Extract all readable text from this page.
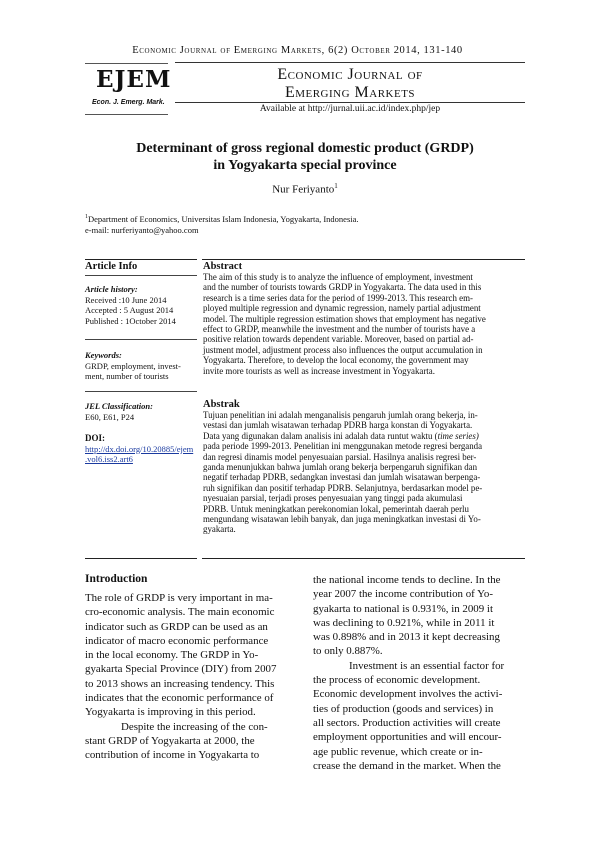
Economic Journal of Emerging Markets, 6(2) October 2014, 131-140
EJEM
Econ. J. Emerg. Mark.
Economic Journal of
Emerging Markets
Available at http://jurnal.uii.ac.id/index.php/jep
Determinant of gross regional domestic product (GRDP)
in Yogyakarta special province
Nur Feriyanto$^1$
$^1$Department of Economics, Universitas Islam Indonesia, Yogyakarta, Indonesia.
e-mail: nurferiyanto@yahoo.com
Article Info
Article history:
Received :10 June 2014
Accepted : 5 August 2014
Published : 1October 2014
Keywords:
GRDP, employment, invest-
ment, number of tourists
JEL Classification:
E60, E61, P24
DOI:
http://dx.doi.org/10.20885/ejem
.vol6.iss2.art6
Abstract
The aim of this study is to analyze the influence of employment, investment
and the number of tourists towards GRDP in Yogyakarta. The data used in this
research is a time series data for the period of 1999-2013. This research em-
ployed multiple regression and dynamic regression, namely partial adjustment
model. The multiple regression estimation shows that employment has negative
effect to GRDP, meanwhile the investment and the number of tourists have a
positive relation towards dependent variable. Moreover, based on partial ad-
justment model, adjustment process also influences the output accumulation in
Yogyakarta. Therefore, to develop the local economy, the government may
invite more tourists as well as increase investment in Yogyakarta.
Abstrak
Tujuan penelitian ini adalah menganalisis pengaruh jumlah orang bekerja, in-
vestasi dan jumlah wisatawan terhadap PDRB harga konstan di Yogyakarta.
Data yang digunakan dalam analisis ini adalah data runtut waktu (time series)
pada periode 1999-2013. Penelitian ini menggunakan metode regresi berganda
dan regresi dinamis model penyesuaian parsial. Hasilnya analisis regresi ber-
ganda menunjukkan bahwa jumlah orang bekerja berpengaruh signifikan dan
negatif terhadap PDRB, sedangkan investasi dan jumlah wisatawan berpenga-
ruh signifikan dan positif terhadap PDRB. Selanjutnya, berdasarkan model pe-
nyesuaian parsial, terjadi proses penyesuaian yang tinggi pada akumulasi
PDRB. Untuk meningkatkan perekonomian lokal, pemerintah daerah perlu
mengundang wisatawan lebih banyak, dan juga meningkatkan investasi di Yo-
gyakarta.
Introduction
The role of GRDP is very important in ma-
cro-economic analysis. The main economic
indicator such as GRDP can be used as an
indicator of macro economic performance
in the local economy. The GRDP in Yo-
gyakarta Special Province (DIY) from 2007
to 2013 shows an increasing tendency. This
indicates that the economic performance of
Yogyakarta is improving in this period.
Despite the increasing of the con-
stant GRDP of Yogyakarta at 2000, the
contribution of income in Yogyakarta to
the national income tends to decline. In the
year 2007 the income contribution of Yo-
gyakarta to national is 0.931%, in 2009 it
was declining to 0.921%, while in 2011 it
was 0.898% and in 2013 it kept decreasing
to only 0.887%.
Investment is an essential factor for
the process of economic development.
Economic development involves the activi-
ties of production (goods and services) in
all sectors. Production activities will create
employment opportunities and will encour-
age public revenue, which create or in-
crease the demand in the market. When the
